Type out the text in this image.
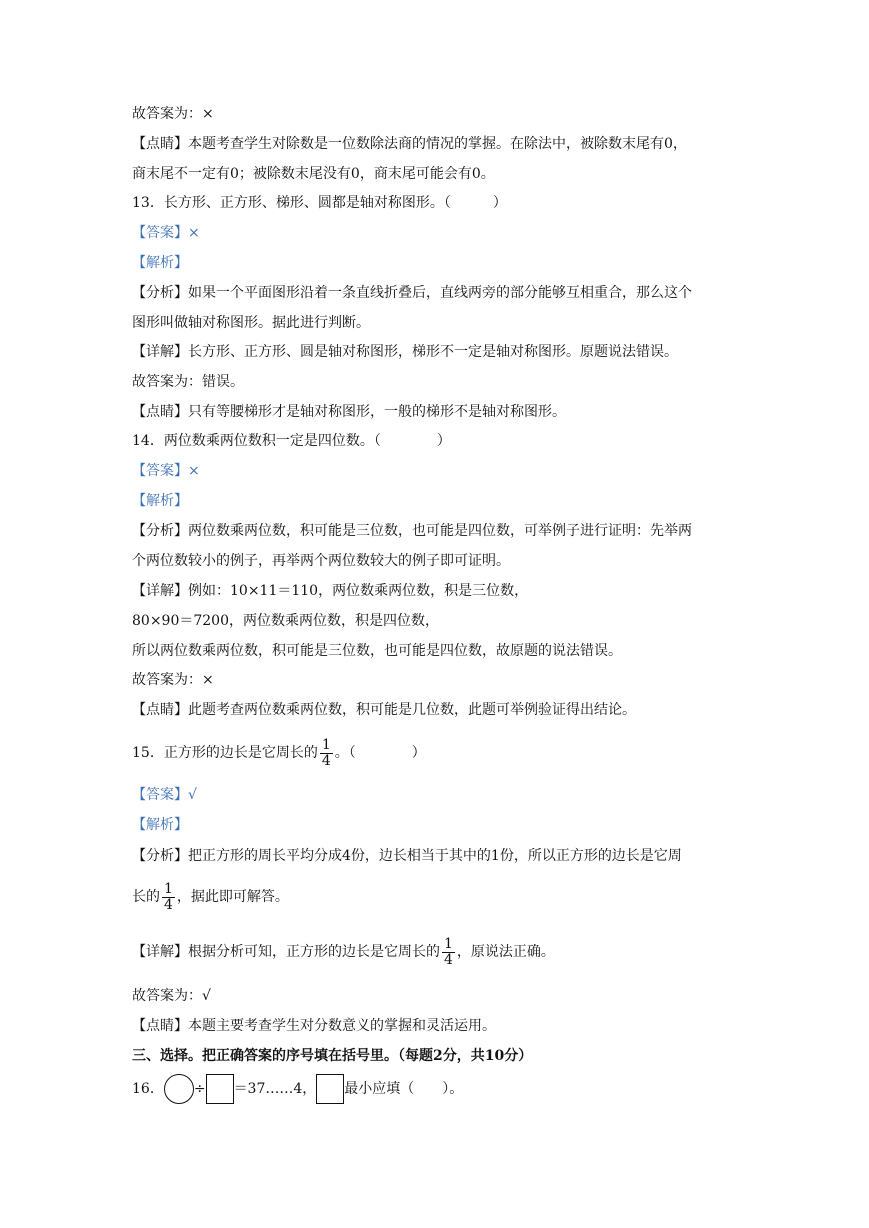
故答案为：×
【点睛】本题考查学生对除数是一位数除法商的情况的掌握。在除法中，被除数末尾有0，
商末尾不一定有0；被除数末尾没有0，商末尾可能会有0。
13．长方形、正方形、梯形、圆都是轴对称图形。（　　　）
【答案】×
【解析】
【分析】如果一个平面图形沿着一条直线折叠后，直线两旁的部分能够互相重合，那么这个
图形叫做轴对称图形。据此进行判断。
【详解】长方形、正方形、圆是轴对称图形，梯形不一定是轴对称图形。原题说法错误。
故答案为：错误。
【点睛】只有等腰梯形才是轴对称图形，一般的梯形不是轴对称图形。
14．两位数乘两位数积一定是四位数。（　　　　）
【答案】×
【解析】
【分析】两位数乘两位数，积可能是三位数，也可能是四位数，可举例子进行证明：先举两
个两位数较小的例子，再举两个两位数较大的例子即可证明。
【详解】例如：10×11＝110，两位数乘两位数，积是三位数，
80×90＝7200，两位数乘两位数，积是四位数，
所以两位数乘两位数，积可能是三位数，也可能是四位数，故原题的说法错误。
故答案为：×
【点睛】此题考查两位数乘两位数，积可能是几位数，此题可举例验证得出结论。
15．正方形的边长是它周长的 $\frac{1}{4}$ 。（　　　　）
【答案】√
【解析】
【分析】把正方形的周长平均分成4份，边长相当于其中的1份，所以正方形的边长是它周
长的 $\frac{1}{4}$ ，据此即可解答。
【详解】根据分析可知，正方形的边长是它周长的 $\frac{1}{4}$ ，原说法正确。
故答案为：√
【点睛】本题主要考查学生对分数意义的掌握和灵活运用。
三、选择。把正确答案的序号填在括号里。（每题2分，共10分）
16． ÷ ＝37……4， 最小应填（　　）。
